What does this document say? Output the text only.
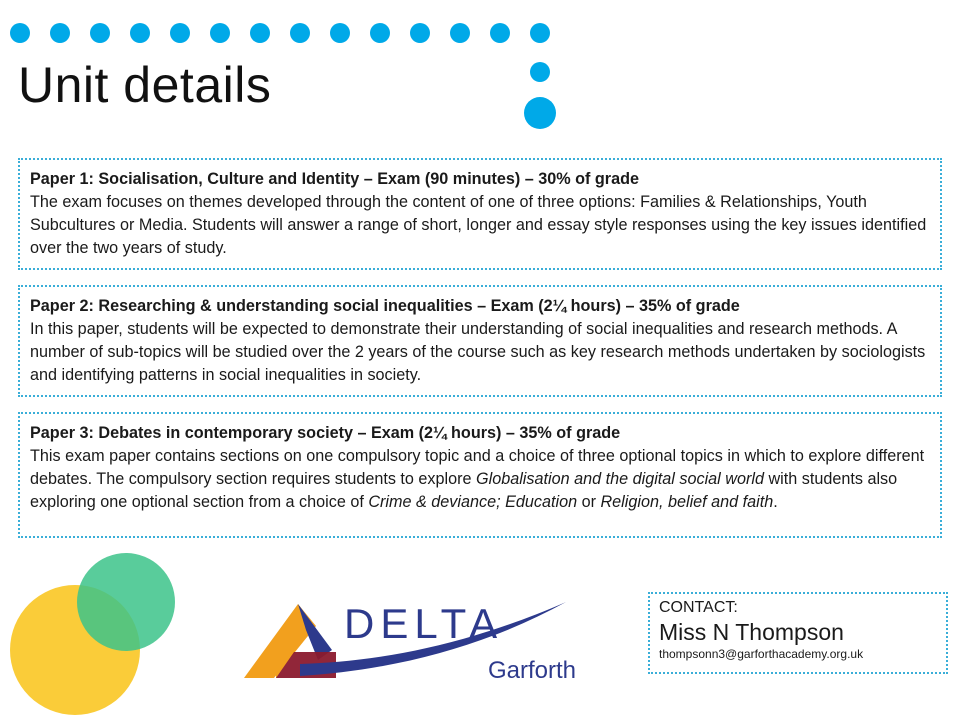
Unit details
Paper 1: Socialisation, Culture and Identity – Exam (90 minutes) – 30% of grade
The exam focuses on themes developed through the content of one of three options: Families & Relationships, Youth Subcultures or Media. Students will answer a range of short, longer and essay style responses using the key issues identified over the two years of study.
Paper 2: Researching & understanding social inequalities – Exam (2¼ hours) – 35% of grade
In this paper, students will be expected to demonstrate their understanding of social inequalities and research methods. A number of sub-topics will be studied over the 2 years of the course such as key research methods undertaken by sociologists and identifying patterns in social inequalities in society.
Paper 3: Debates in contemporary society – Exam (2¼ hours) – 35% of grade
This exam paper contains sections on one compulsory topic and a choice of three optional topics in which to explore different debates. The compulsory section requires students to explore Globalisation and the digital social world with students also exploring one optional section from a choice of Crime & deviance; Education or Religion, belief and faith.
DELTA
Garforth
CONTACT:
Miss N Thompson
thompsonn3@garforthacademy.org.uk
